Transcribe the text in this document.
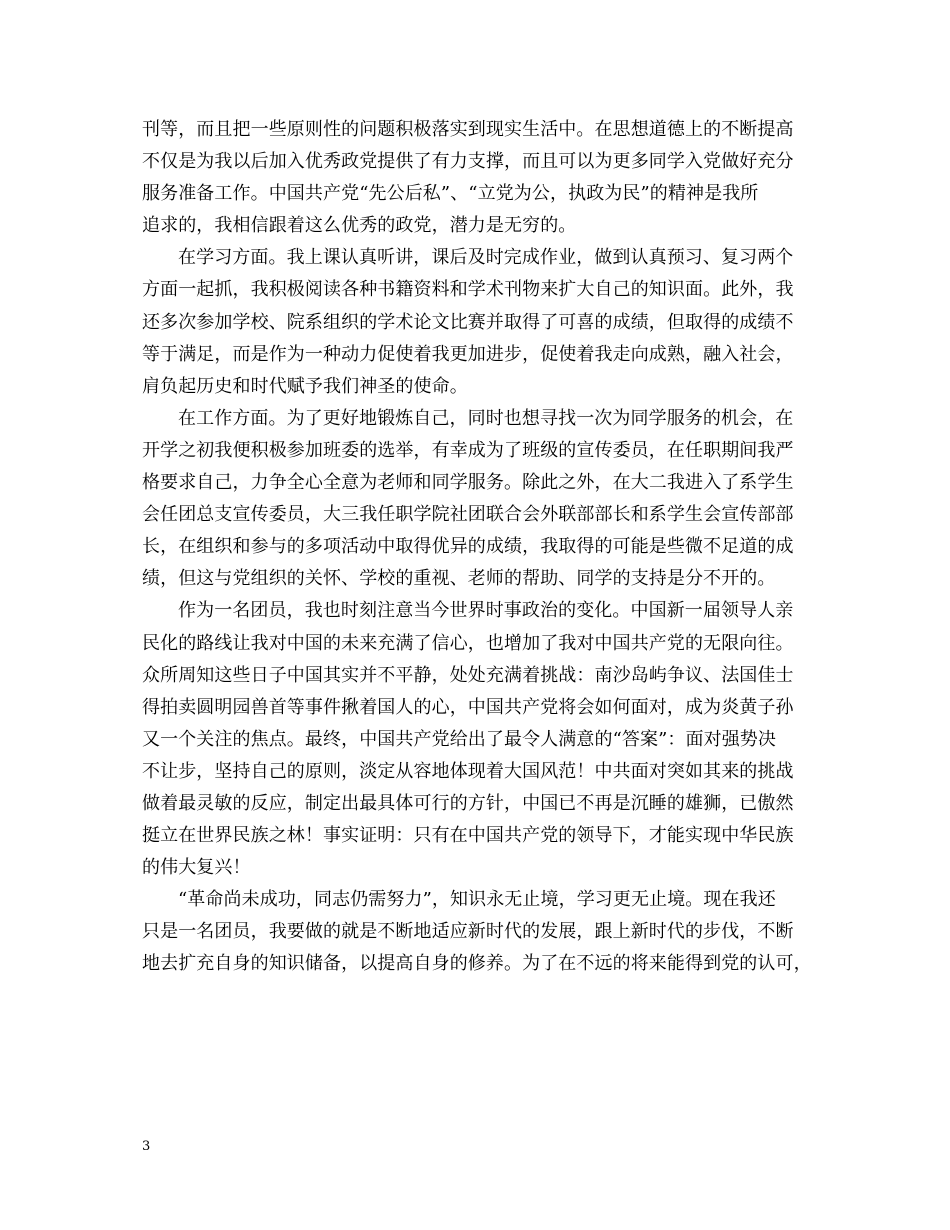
刊等，而且把一些原则性的问题积极落实到现实生活中。在思想道德上的不断提高
不仅是为我以后加入优秀政党提供了有力支撑，而且可以为更多同学入党做好充分
服务准备工作。中国共产党“先公后私”、“立党为公，执政为民”的精神是我所
追求的，我相信跟着这么优秀的政党，潜力是无穷的。
在学习方面。我上课认真听讲，课后及时完成作业，做到认真预习、复习两个
方面一起抓，我积极阅读各种书籍资料和学术刊物来扩大自己的知识面。此外，我
还多次参加学校、院系组织的学术论文比赛并取得了可喜的成绩，但取得的成绩不
等于满足，而是作为一种动力促使着我更加进步，促使着我走向成熟，融入社会，
肩负起历史和时代赋予我们神圣的使命。
在工作方面。为了更好地锻炼自己，同时也想寻找一次为同学服务的机会，在
开学之初我便积极参加班委的选举，有幸成为了班级的宣传委员，在任职期间我严
格要求自己，力争全心全意为老师和同学服务。除此之外，在大二我进入了系学生
会任团总支宣传委员，大三我任职学院社团联合会外联部部长和系学生会宣传部部
长，在组织和参与的多项活动中取得优异的成绩，我取得的可能是些微不足道的成
绩，但这与党组织的关怀、学校的重视、老师的帮助、同学的支持是分不开的。
作为一名团员，我也时刻注意当今世界时事政治的变化。中国新一届领导人亲
民化的路线让我对中国的未来充满了信心，也增加了我对中国共产党的无限向往。
众所周知这些日子中国其实并不平静，处处充满着挑战：南沙岛屿争议、法国佳士
得拍卖圆明园兽首等事件揪着国人的心，中国共产党将会如何面对，成为炎黄子孙
又一个关注的焦点。最终，中国共产党给出了最令人满意的“答案”：面对强势决
不让步，坚持自己的原则，淡定从容地体现着大国风范！中共面对突如其来的挑战
做着最灵敏的反应，制定出最具体可行的方针，中国已不再是沉睡的雄狮，已傲然
挺立在世界民族之林！事实证明：只有在中国共产党的领导下，才能实现中华民族
的伟大复兴！
“革命尚未成功，同志仍需努力”，知识永无止境，学习更无止境。现在我还
只是一名团员，我要做的就是不断地适应新时代的发展，跟上新时代的步伐，不断
地去扩充自身的知识储备，以提高自身的修养。为了在不远的将来能得到党的认可，
3
